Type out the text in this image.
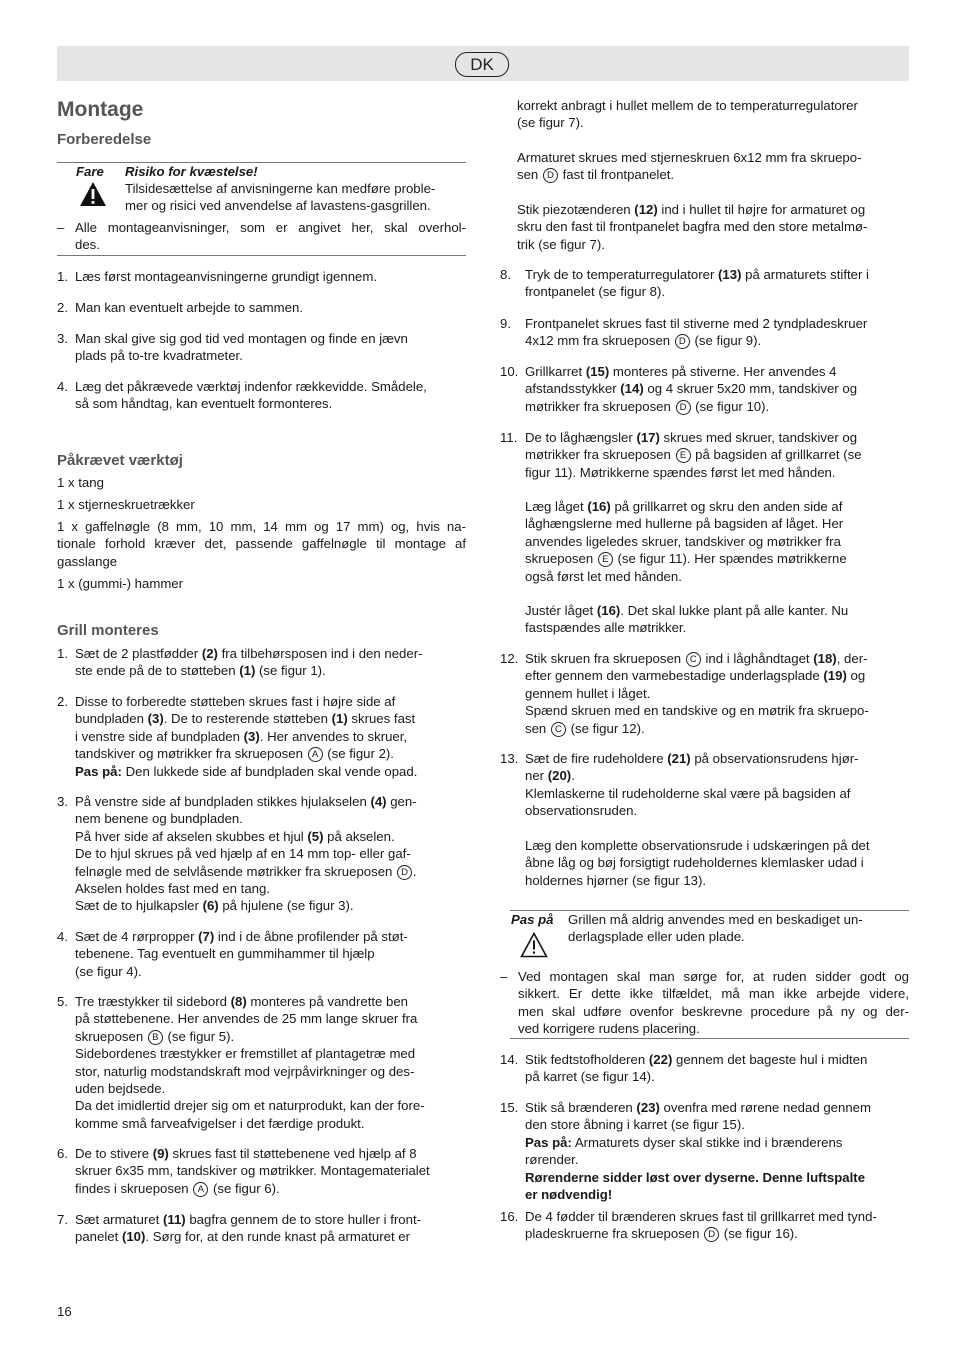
DK
Montage
Forberedelse
Fare Risiko for kvæstelse!
Tilsidesættelse af anvisningerne kan medføre proble-
mer og risici ved anvendelse af lavastens-gasgrillen.
– Alle montageanvisninger, som er angivet her, skal overhol-
des.
1. Læs først montageanvisningerne grundigt igennem.
2. Man kan eventuelt arbejde to sammen.
3. Man skal give sig god tid ved montagen og finde en jævn
plads på to-tre kvadratmeter.
4. Læg det påkrævede værktøj indenfor rækkevidde. Smådele,
så som håndtag, kan eventuelt formonteres.
Påkrævet værktøj
1 x tang
1 x stjerneskruetrækker
1 x gaffelnøgle (8 mm, 10 mm, 14 mm og 17 mm) og, hvis na-
tionale forhold kræver det, passende gaffelnøgle til montage af
gasslange
1 x (gummi-) hammer
Grill monteres
1. Sæt de 2 plastfødder (2) fra tilbehørsposen ind i den neder-
ste ende på de to støtteben (1) (se figur 1).
2. Disse to forberedte støtteben skrues fast i højre side af
bundpladen (3). De to resterende støtteben (1) skrues fast
i venstre side af bundpladen (3). Her anvendes to skruer,
tandskiver og møtrikker fra skrueposen A (se figur 2).
Pas på: Den lukkede side af bundpladen skal vende opad.
3. På venstre side af bundpladen stikkes hjulakselen (4) gen-
nem benene og bundpladen.
På hver side af akselen skubbes et hjul (5) på akselen.
De to hjul skrues på ved hjælp af en 14 mm top- eller gaf-
felnøgle med de selvlåsende møtrikker fra skrueposen D .
Akselen holdes fast med en tang.
Sæt de to hjulkapsler (6) på hjulene (se figur 3).
4. Sæt de 4 rørpropper (7) ind i de åbne profilender på støt-
tebenene. Tag eventuelt en gummihammer til hjælp
(se figur 4).
5. Tre træstykker til sidebord (8) monteres på vandrette ben
på støttebenene. Her anvendes de 25 mm lange skruer fra
skrueposen B (se figur 5).
Sidebordenes træstykker er fremstillet af plantagetræ med
stor, naturlig modstandskraft mod vejrpåvirkninger og des-
uden bejdsede.
Da det imidlertid drejer sig om et naturprodukt, kan der fore-
komme små farveafvigelser i det færdige produkt.
6. De to stivere (9) skrues fast til støttebenene ved hjælp af 8
skruer 6x35 mm, tandskiver og møtrikker. Montagematerialet
findes i skrueposen A (se figur 6).
7. Sæt armaturet (11) bagfra gennem de to store huller i front-
panelet (10). Sørg for, at den runde knast på armaturet er
korrekt anbragt i hullet mellem de to temperaturregulatorer
(se figur 7).
Armaturet skrues med stjerneskruen 6x12 mm fra skruepo-
sen D fast til frontpanelet.
Stik piezotænderen (12) ind i hullet til højre for armaturet og
skru den fast til frontpanelet bagfra med den store metalmø-
trik (se figur 7).
8. Tryk de to temperaturregulatorer (13) på armaturets stifter i
frontpanelet (se figur 8).
9. Frontpanelet skrues fast til stiverne med 2 tyndpladeskruer
4x12 mm fra skrueposen D (se figur 9).
10. Grillkarret (15) monteres på stiverne. Her anvendes 4
afstandsstykker (14) og 4 skruer 5x20 mm, tandskiver og
møtrikker fra skrueposen D (se figur 10).
11. De to låghængsler (17) skrues med skruer, tandskiver og
møtrikker fra skrueposen E på bagsiden af grillkarret (se
figur 11). Møtrikkerne spændes først let med hånden.
Læg låget (16) på grillkarret og skru den anden side af
låghængslerne med hullerne på bagsiden af låget. Her
anvendes ligeledes skruer, tandskiver og møtrikker fra
skrueposen E (se figur 11). Her spændes møtrikkerne
også først let med hånden.
Justér låget (16). Det skal lukke plant på alle kanter. Nu
fastspændes alle møtrikker.
12. Stik skruen fra skrueposen C ind i låghåndtaget (18), der-
efter gennem den varmebestadige underlagsplade (19) og
gennem hullet i låget.
Spænd skruen med en tandskive og en møtrik fra skruepo-
sen C (se figur 12).
13. Sæt de fire rudeholdere (21) på observationsrudens hjør-
ner (20).
Klemlaskerne til rudeholderne skal være på bagsiden af
observationsruden.
Læg den komplette observationsrude i udskæringen på det
åbne låg og bøj forsigtigt rudeholdernes klemlasker udad i
holdernes hjørner (se figur 13).
Pas på Grillen må aldrig anvendes med en beskadiget un-
derlagsplade eller uden plade.
– Ved montagen skal man sørge for, at ruden sidder godt og
sikkert. Er dette ikke tilfældet, må man ikke arbejde videre,
men skal udføre ovenfor beskrevne procedure på ny og der-
ved korrigere rudens placering.
14. Stik fedtstofholderen (22) gennem det bageste hul i midten
på karret (se figur 14).
15. Stik så brænderen (23) ovenfra med rørene nedad gennem
den store åbning i karret (se figur 15).
Pas på: Armaturets dyser skal stikke ind i brænderens
rørender.
Rørenderne sidder løst over dyserne. Denne luftspalte
er nødvendig!
16. De 4 fødder til brænderen skrues fast til grillkarret med tynd-
pladeskruerne fra skrueposen D (se figur 16).
16
